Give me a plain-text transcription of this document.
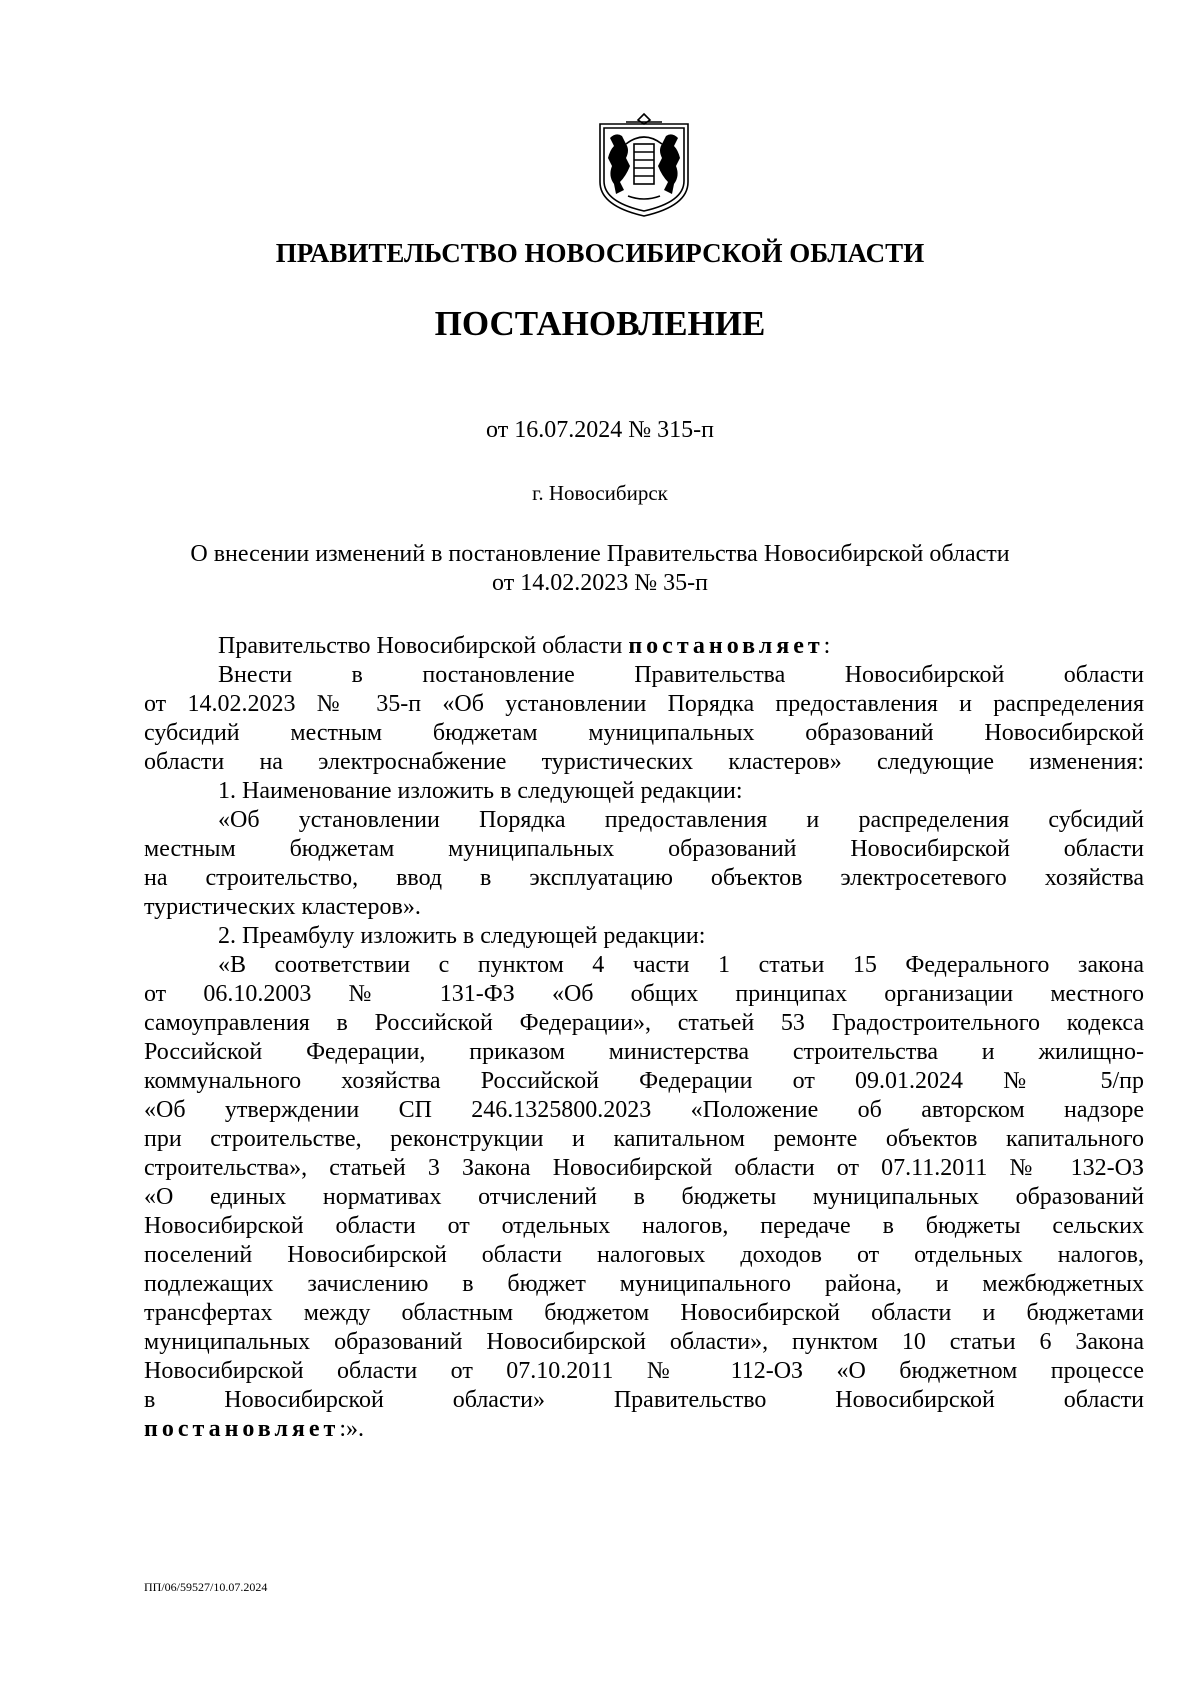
ПРАВИТЕЛЬСТВО НОВОСИБИРСКОЙ ОБЛАСТИ
ПОСТАНОВЛЕНИЕ
от 16.07.2024 № 315-п
г. Новосибирск
О внесении изменений в постановление Правительства Новосибирской области
от 14.02.2023 № 35-п
Правительство Новосибирской области постановляет:
Внести в постановление Правительства Новосибирской области
от 14.02.2023 № 35-п «Об установлении Порядка предоставления и распределения
субсидий местным бюджетам муниципальных образований Новосибирской
области на электроснабжение туристических кластеров» следующие изменения:
1. Наименование изложить в следующей редакции:
«Об установлении Порядка предоставления и распределения субсидий
местным бюджетам муниципальных образований Новосибирской области
на строительство, ввод в эксплуатацию объектов электросетевого хозяйства
туристических кластеров».
2. Преамбулу изложить в следующей редакции:
«В соответствии с пунктом 4 части 1 статьи 15 Федерального закона
от 06.10.2003 № 131-ФЗ «Об общих принципах организации местного
самоуправления в Российской Федерации», статьей 53 Градостроительного кодекса
Российской Федерации, приказом министерства строительства и жилищно-
коммунального хозяйства Российской Федерации от 09.01.2024 № 5/пр
«Об утверждении СП 246.1325800.2023 «Положение об авторском надзоре
при строительстве, реконструкции и капитальном ремонте объектов капитального
строительства», статьей 3 Закона Новосибирской области от 07.11.2011 № 132-ОЗ
«О единых нормативах отчислений в бюджеты муниципальных образований
Новосибирской области от отдельных налогов, передаче в бюджеты сельских
поселений Новосибирской области налоговых доходов от отдельных налогов,
подлежащих зачислению в бюджет муниципального района, и межбюджетных
трансфертах между областным бюджетом Новосибирской области и бюджетами
муниципальных образований Новосибирской области», пунктом 10 статьи 6 Закона
Новосибирской области от 07.10.2011 № 112-ОЗ «О бюджетном процессе
в Новосибирской области» Правительство Новосибирской области
постановляет:».
ПП/06/59527/10.07.2024
